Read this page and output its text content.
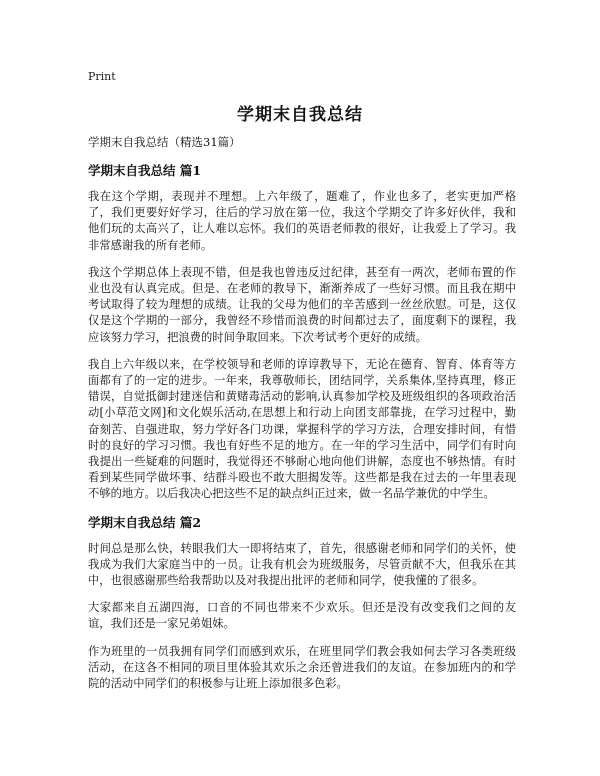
Print
学期末自我总结
学期末自我总结（精选31篇）
学期末自我总结 篇1

我在这个学期，表现并不理想。上六年级了，题难了，作业也多了，老实更加严格了，我们更要好好学习，往后的学习放在第一位，我这个学期交了许多好伙伴，我和他们玩的太高兴了，让人难以忘怀。我们的英语老师教的很好，让我爱上了学习。我非常感谢我的所有老师。

我这个学期总体上表现不错，但是我也曾违反过纪律，甚至有一两次，老师布置的作业也没有认真完成。但是、在老师的教导下，渐渐养成了一些好习惯。而且我在期中考试取得了较为理想的成绩。让我的父母为他们的辛苦感到一丝丝欣慰。可是，这仅仅是这个学期的一部分，我曾经不珍惜而浪费的时间都过去了，面度剩下的课程，我应该努力学习，把浪费的时间争取回来。下次考试考个更好的成绩。

我自上六年级以来，在学校领导和老师的谆谆教导下，无论在德育、智育、体育等方面都有了的一定的进步。一年来，我尊敬师长，团结同学，关系集体,坚持真理，修正错误，自觉抵御封建迷信和黄赌毒活动的影响,认真参加学校及班级组织的各项政治活动[小草范文网]和文化娱乐活动,在思想上和行动上向团支部靠拢，在学习过程中，勤奋刻苦、自强进取，努力学好各门功课，掌握科学的学习方法，合理安排时间，有惜时的良好的学习习惯。我也有好些不足的地方。在一年的学习生活中，同学们有时向我提出一些疑难的问题时，我觉得还不够耐心地向他们讲解，态度也不够热情。有时看到某些同学做坏事、结群斗殴也不敢大胆揭发等。这些都是我在过去的一年里表现不够的地方。以后我决心把这些不足的缺点纠正过来，做一名品学兼优的中学生。

学期末自我总结 篇2

时间总是那么快，转眼我们大一即将结束了，首先，很感谢老师和同学们的关怀，使我成为我们大家庭当中的一员。让我有机会为班级服务，尽管贡献不大，但我乐在其中，也很感谢那些给我帮助以及对我提出批评的老师和同学，使我懂的了很多。

大家都来自五湖四海，口音的不同也带来不少欢乐。但还是没有改变我们之间的友谊，我们还是一家兄弟姐妹。

作为班里的一员我拥有同学们而感到欢乐，在班里同学们教会我如何去学习各类班级活动，在这各不相同的项目里体验其欢乐之余还曾进我们的友谊。在参加班内的和学院的活动中同学们的积极参与让班上添加很多色彩。
